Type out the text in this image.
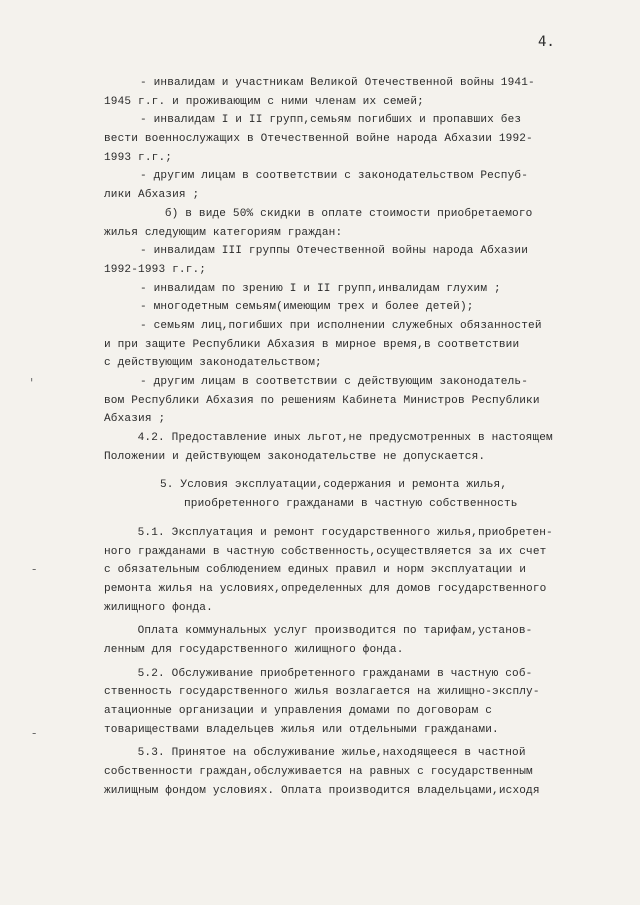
4.
'
-
-
- инвалидам и участникам Великой Отечественной войны 1941-
1945 г.г. и проживающим с ними членам их семей;
- инвалидам I и II групп,семьям погибших и пропавших без
вести военнослужащих в Отечественной войне народа Абхазии 1992-
1993 г.г.;
- другим лицам в соответствии с законодательством Респуб-
лики Абхазия ;
б) в виде 50% скидки в оплате стоимости приобретаемого
жилья следующим категориям граждан:
- инвалидам III группы Отечественной войны народа Абхазии
1992-1993 г.г.;
- инвалидам по зрению I и II групп,инвалидам глухим ;
- многодетным семьям(имеющим трех и более детей);
- семьям лиц,погибших при исполнении служебных обязанностей
и при защите Республики Абхазия в мирное время,в соответствии
с действующим законодательством;
- другим лицам в соответствии с действующим законодатель-
вом Республики Абхазия по решениям Кабинета Министров Республики
Абхазия ;
4.2. Предоставление иных льгот,не предусмотренных в настоящем
Положении и действующем законодательстве не допускается.
5. Условия эксплуатации,содержания и ремонта жилья,
приобретенного гражданами в частную собственность
5.1. Эксплуатация и ремонт государственного жилья,приобретен-
ного гражданами в частную собственность,осуществляется за их счет
с обязательным соблюдением единых правил и норм эксплуатации и
ремонта жилья на условиях,определенных для домов государственного
жилищного фонда.
Оплата коммунальных услуг производится по тарифам,установ-
ленным для государственного жилищного фонда.
5.2. Обслуживание приобретенного гражданами в частную соб-
ственность государственного жилья возлагается на жилищно-эксплу-
атационные организации и управления домами по договорам с
товариществами владельцев жилья или отдельными гражданами.
5.3. Принятое на обслуживание жилье,находящееся в частной
собственности граждан,обслуживается на равных с государственным
жилищным фондом условиях. Оплата производится владельцами,исходя
